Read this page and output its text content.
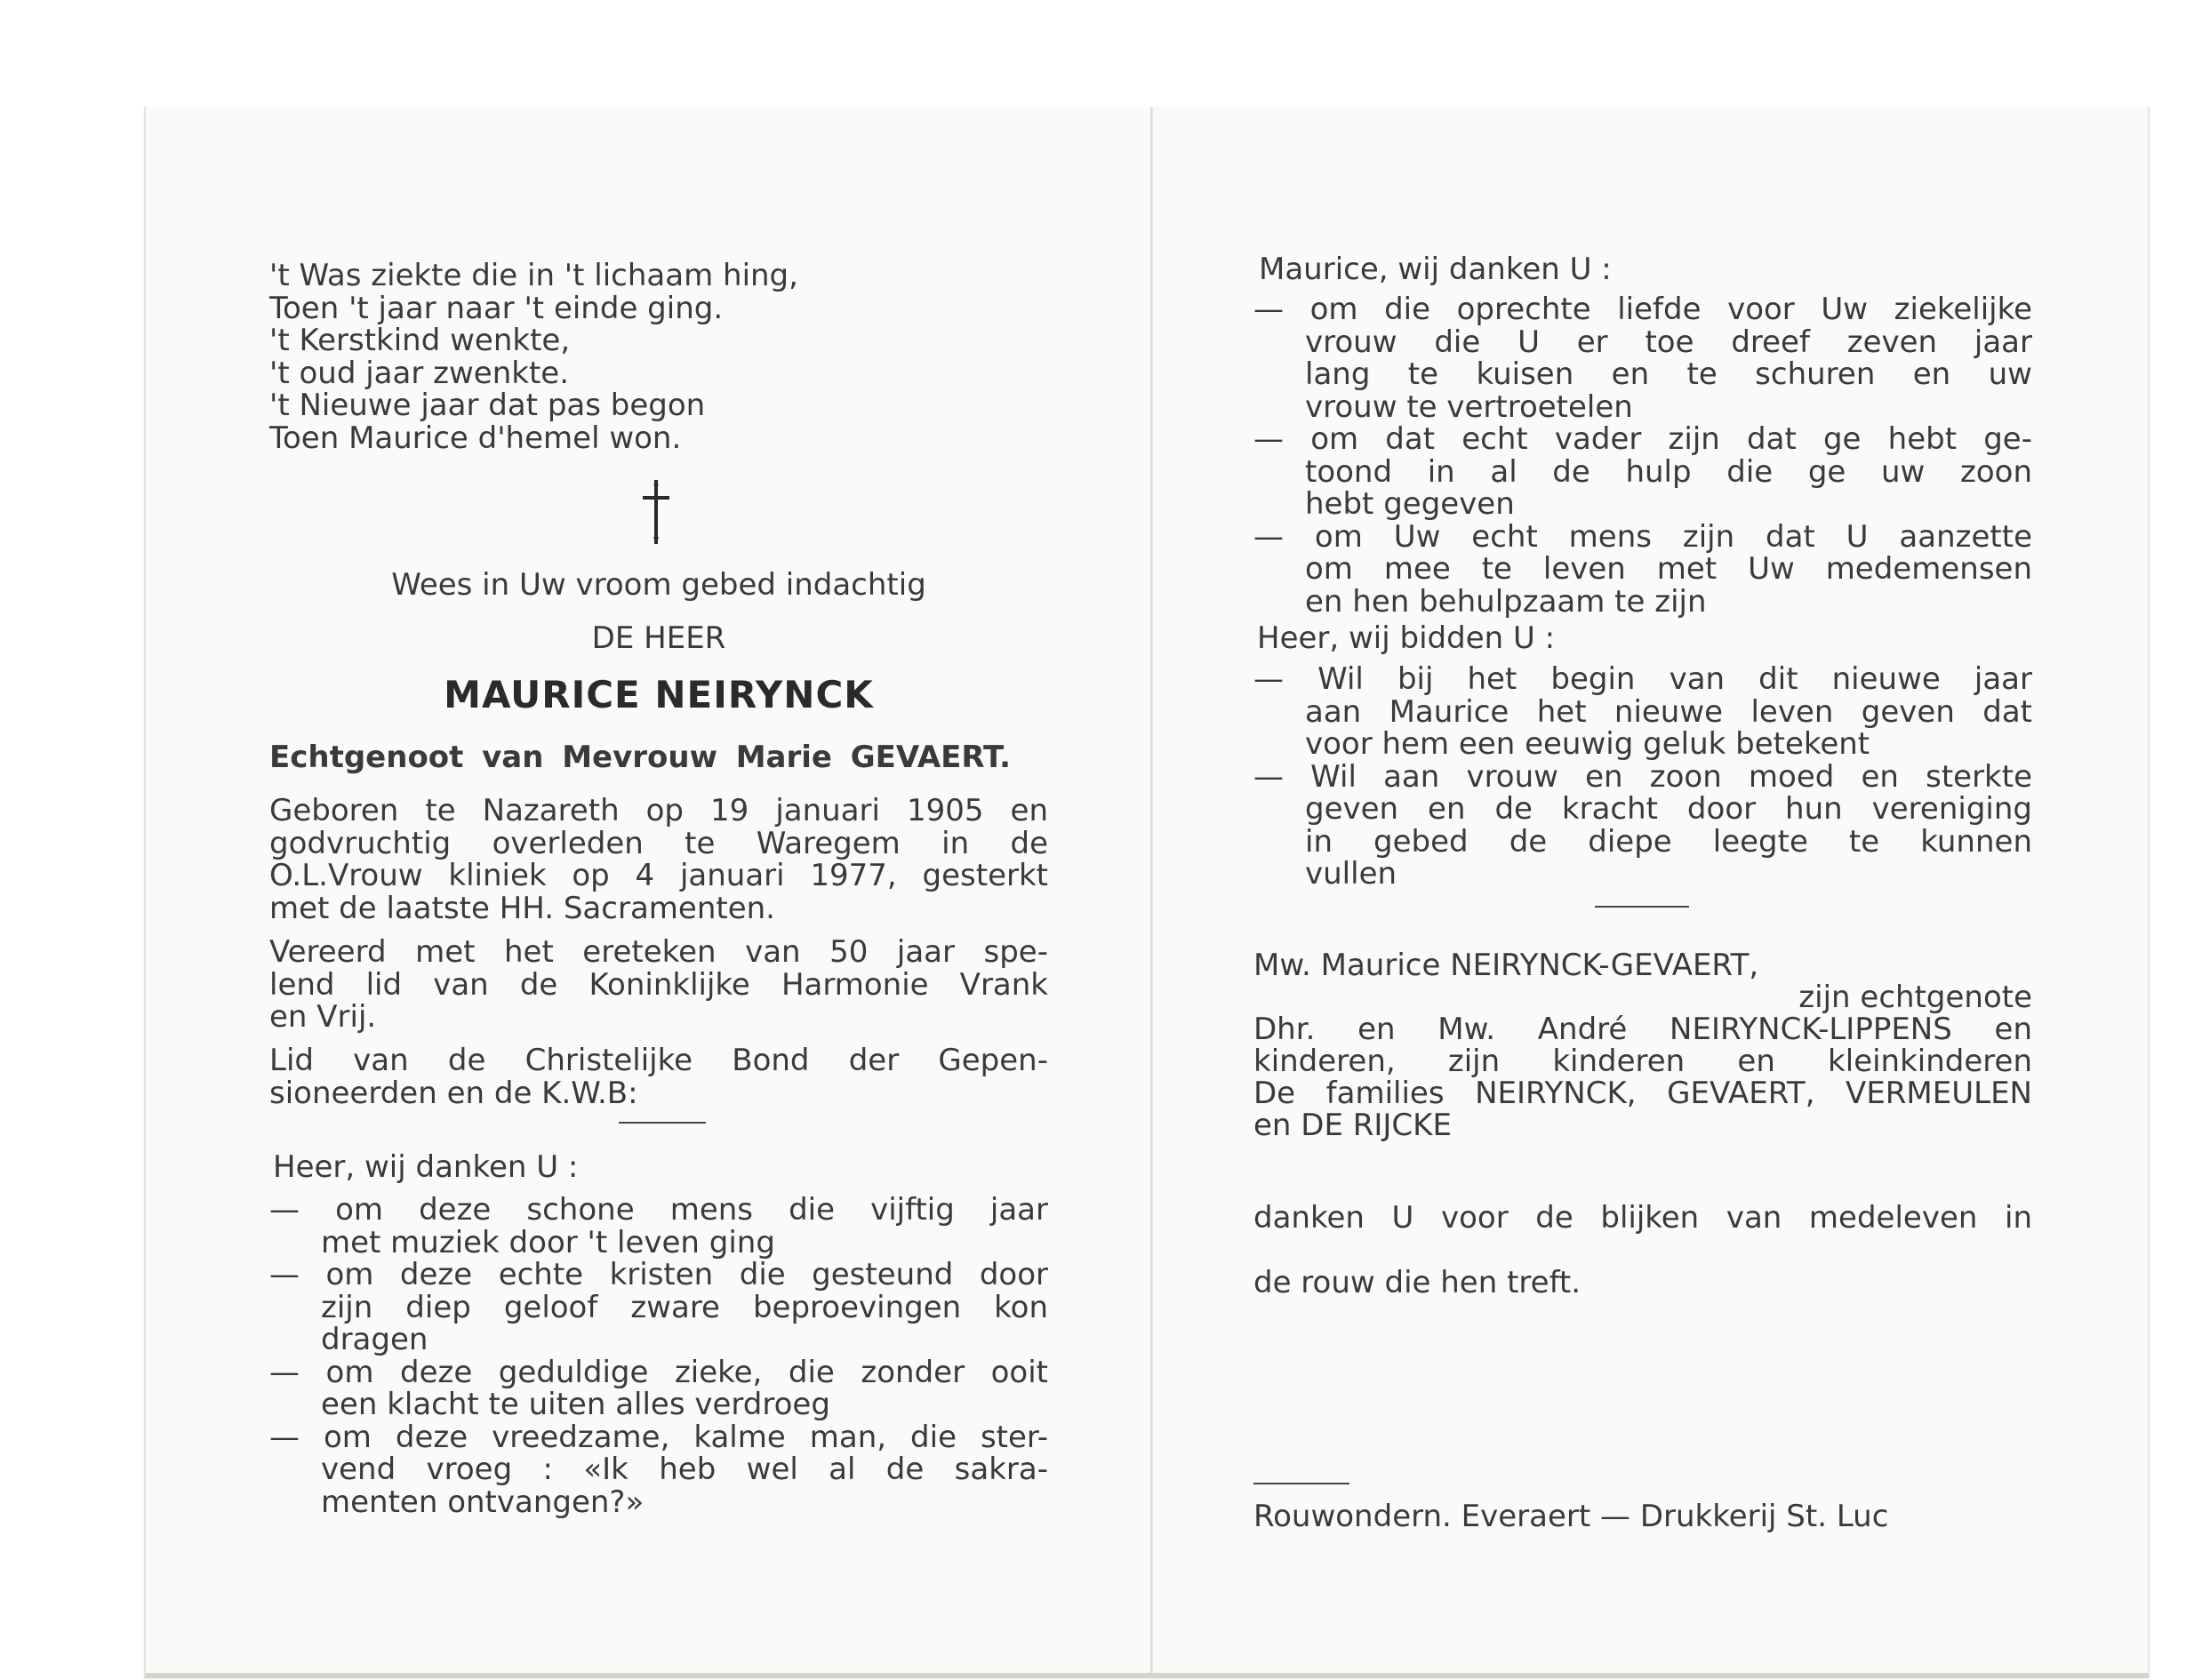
't Was ziekte die in 't lichaam hing,
Toen 't jaar naar 't einde ging.
't Kerstkind wenkte,
't oud jaar zwenkte.
't Nieuwe jaar dat pas begon
Toen Maurice d'hemel won.
Wees in Uw vroom gebed indachtig
DE HEER
MAURICE NEIRYNCK
Echtgenoot van Mevrouw Marie GEVAERT.
Geboren te Nazareth op 19 januari 1905 en
godvruchtig overleden te Waregem in de
O.L.Vrouw kliniek op 4 januari 1977, gesterkt
met de laatste HH. Sacramenten.
Vereerd met het ereteken van 50 jaar spe-
lend lid van de Koninklijke Harmonie Vrank
en Vrij.
Lid van de Christelijke Bond der Gepen-
sioneerden en de K.W.B:
Heer, wij danken U :
— om deze schone mens die vijftig jaar
met muziek door 't leven ging
— om deze echte kristen die gesteund door
zijn diep geloof zware beproevingen kon
dragen
— om deze geduldige zieke, die zonder ooit
een klacht te uiten alles verdroeg
— om deze vreedzame, kalme man, die ster-
vend vroeg : «Ik heb wel al de sakra-
menten ontvangen?»
Maurice, wij danken U :
— om die oprechte liefde voor Uw ziekelijke
vrouw die U er toe dreef zeven jaar
lang te kuisen en te schuren en uw
vrouw te vertroetelen
— om dat echt vader zijn dat ge hebt ge-
toond in al de hulp die ge uw zoon
hebt gegeven
— om Uw echt mens zijn dat U aanzette
om mee te leven met Uw medemensen
en hen behulpzaam te zijn
Heer, wij bidden U :
— Wil bij het begin van dit nieuwe jaar
aan Maurice het nieuwe leven geven dat
voor hem een eeuwig geluk betekent
— Wil aan vrouw en zoon moed en sterkte
geven en de kracht door hun vereniging
in gebed de diepe leegte te kunnen
vullen
Mw. Maurice NEIRYNCK-GEVAERT,
zijn echtgenote
Dhr. en Mw. André NEIRYNCK-LIPPENS en
kinderen, zijn kinderen en kleinkinderen
De families NEIRYNCK, GEVAERT, VERMEULEN
en DE RIJCKE
danken U voor de blijken van medeleven in
de rouw die hen treft.
Rouwondern. Everaert — Drukkerij St. Luc
